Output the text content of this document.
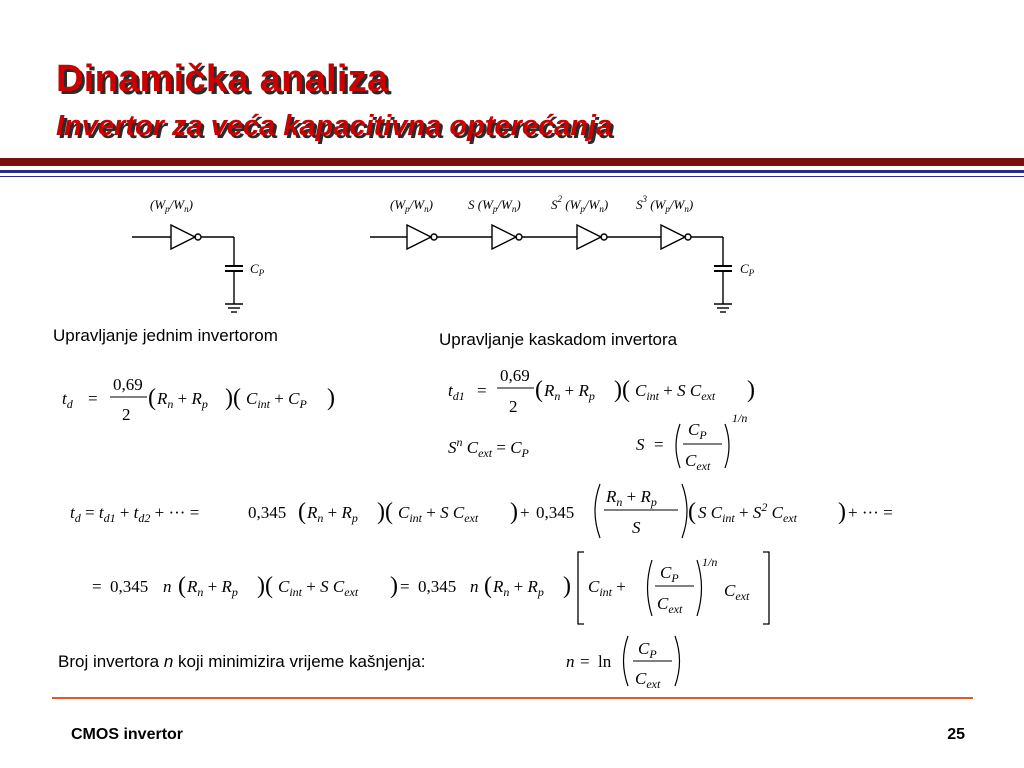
Dinamička analiza
Invertor za veća kapacitivna opterećanja
$(W_p/W_n)$
$C_P$
$(W_p/W_n)$	S $(W_p/W_n)$ $S^2$ $(W_p/W_n)$ $S^3$ $(W_p/W_n)$
$C_P$
$t_d$ =
0,69
2
( $R_n + R_p$ )( $C_{int} + C_P$ )	$t_{d1}$ =
0,69
2
( $R_n + R_p$ )( $C_{int} + S$ $C_{ext}$ )
$S^n$ $C_{ext} = C_P$	S =
$C_P$
$C_{ext}$
1/n
$t_d = t_{d1} + t_{d2}$ + ··· =	0,345 ( $R_n + R_p$ )( $C_{int} + S$ $C_{ext}$ ) + 0,345
$R_n + R_p$
S
( S $C_{int} + S^2$ $C_{ext}$ ) + ··· =
= 0,345 n ( $R_n + R_p$ )( $C_{int} + S$ $C_{ext}$ ) = 0,345 n ( $R_n + R_p$ ) $C_{int}$ +
$C_P$
$C_{ext}$
1/n
$C_{ext}$
n = ln
$C_P$
$C_{ext}$
Upravljanje jednim invertorom	Upravljanje kaskadom invertora
Broj invertora n koji minimizira vrijeme kašnjenja:
CMOS invertor	25
